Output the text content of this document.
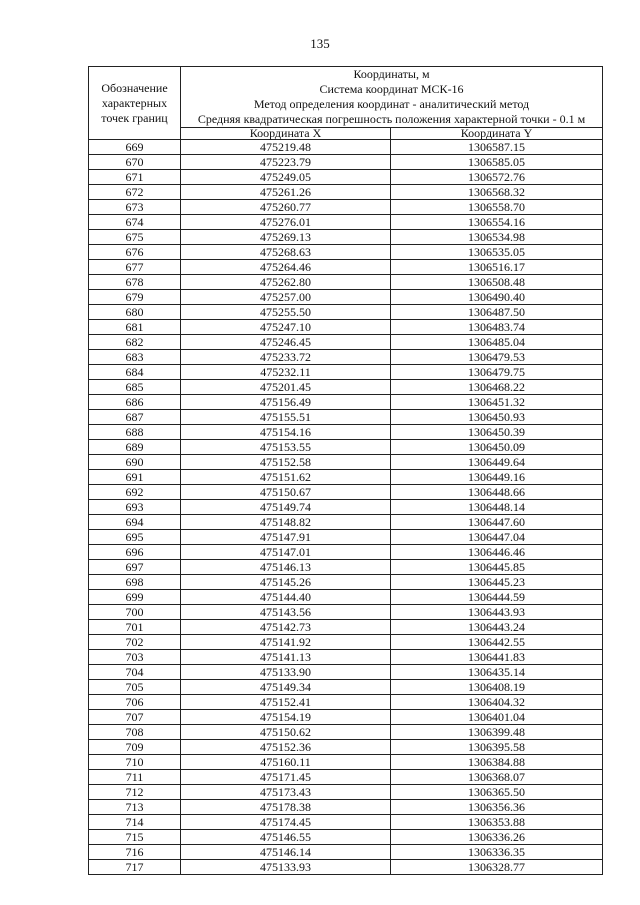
135
Обозначение
характерных
точек границ	Координаты, м
Система координат МСК-16
Метод определения координат - аналитический метод
Средняя квадратическая погрешность положения характерной точки - 0.1 м	

	Координата X	Координата Y
669	475219.48	1306587.15
670	475223.79	1306585.05
671	475249.05	1306572.76
672	475261.26	1306568.32
673	475260.77	1306558.70
674	475276.01	1306554.16
675	475269.13	1306534.98
676	475268.63	1306535.05
677	475264.46	1306516.17
678	475262.80	1306508.48
679	475257.00	1306490.40
680	475255.50	1306487.50
681	475247.10	1306483.74
682	475246.45	1306485.04
683	475233.72	1306479.53
684	475232.11	1306479.75
685	475201.45	1306468.22
686	475156.49	1306451.32
687	475155.51	1306450.93
688	475154.16	1306450.39
689	475153.55	1306450.09
690	475152.58	1306449.64
691	475151.62	1306449.16
692	475150.67	1306448.66
693	475149.74	1306448.14
694	475148.82	1306447.60
695	475147.91	1306447.04
696	475147.01	1306446.46
697	475146.13	1306445.85
698	475145.26	1306445.23
699	475144.40	1306444.59
700	475143.56	1306443.93
701	475142.73	1306443.24
702	475141.92	1306442.55
703	475141.13	1306441.83
704	475133.90	1306435.14
705	475149.34	1306408.19
706	475152.41	1306404.32
707	475154.19	1306401.04
708	475150.62	1306399.48
709	475152.36	1306395.58
710	475160.11	1306384.88
711	475171.45	1306368.07
712	475173.43	1306365.50
713	475178.38	1306356.36
714	475174.45	1306353.88
715	475146.55	1306336.26
716	475146.14	1306336.35
717	475133.93	1306328.77
